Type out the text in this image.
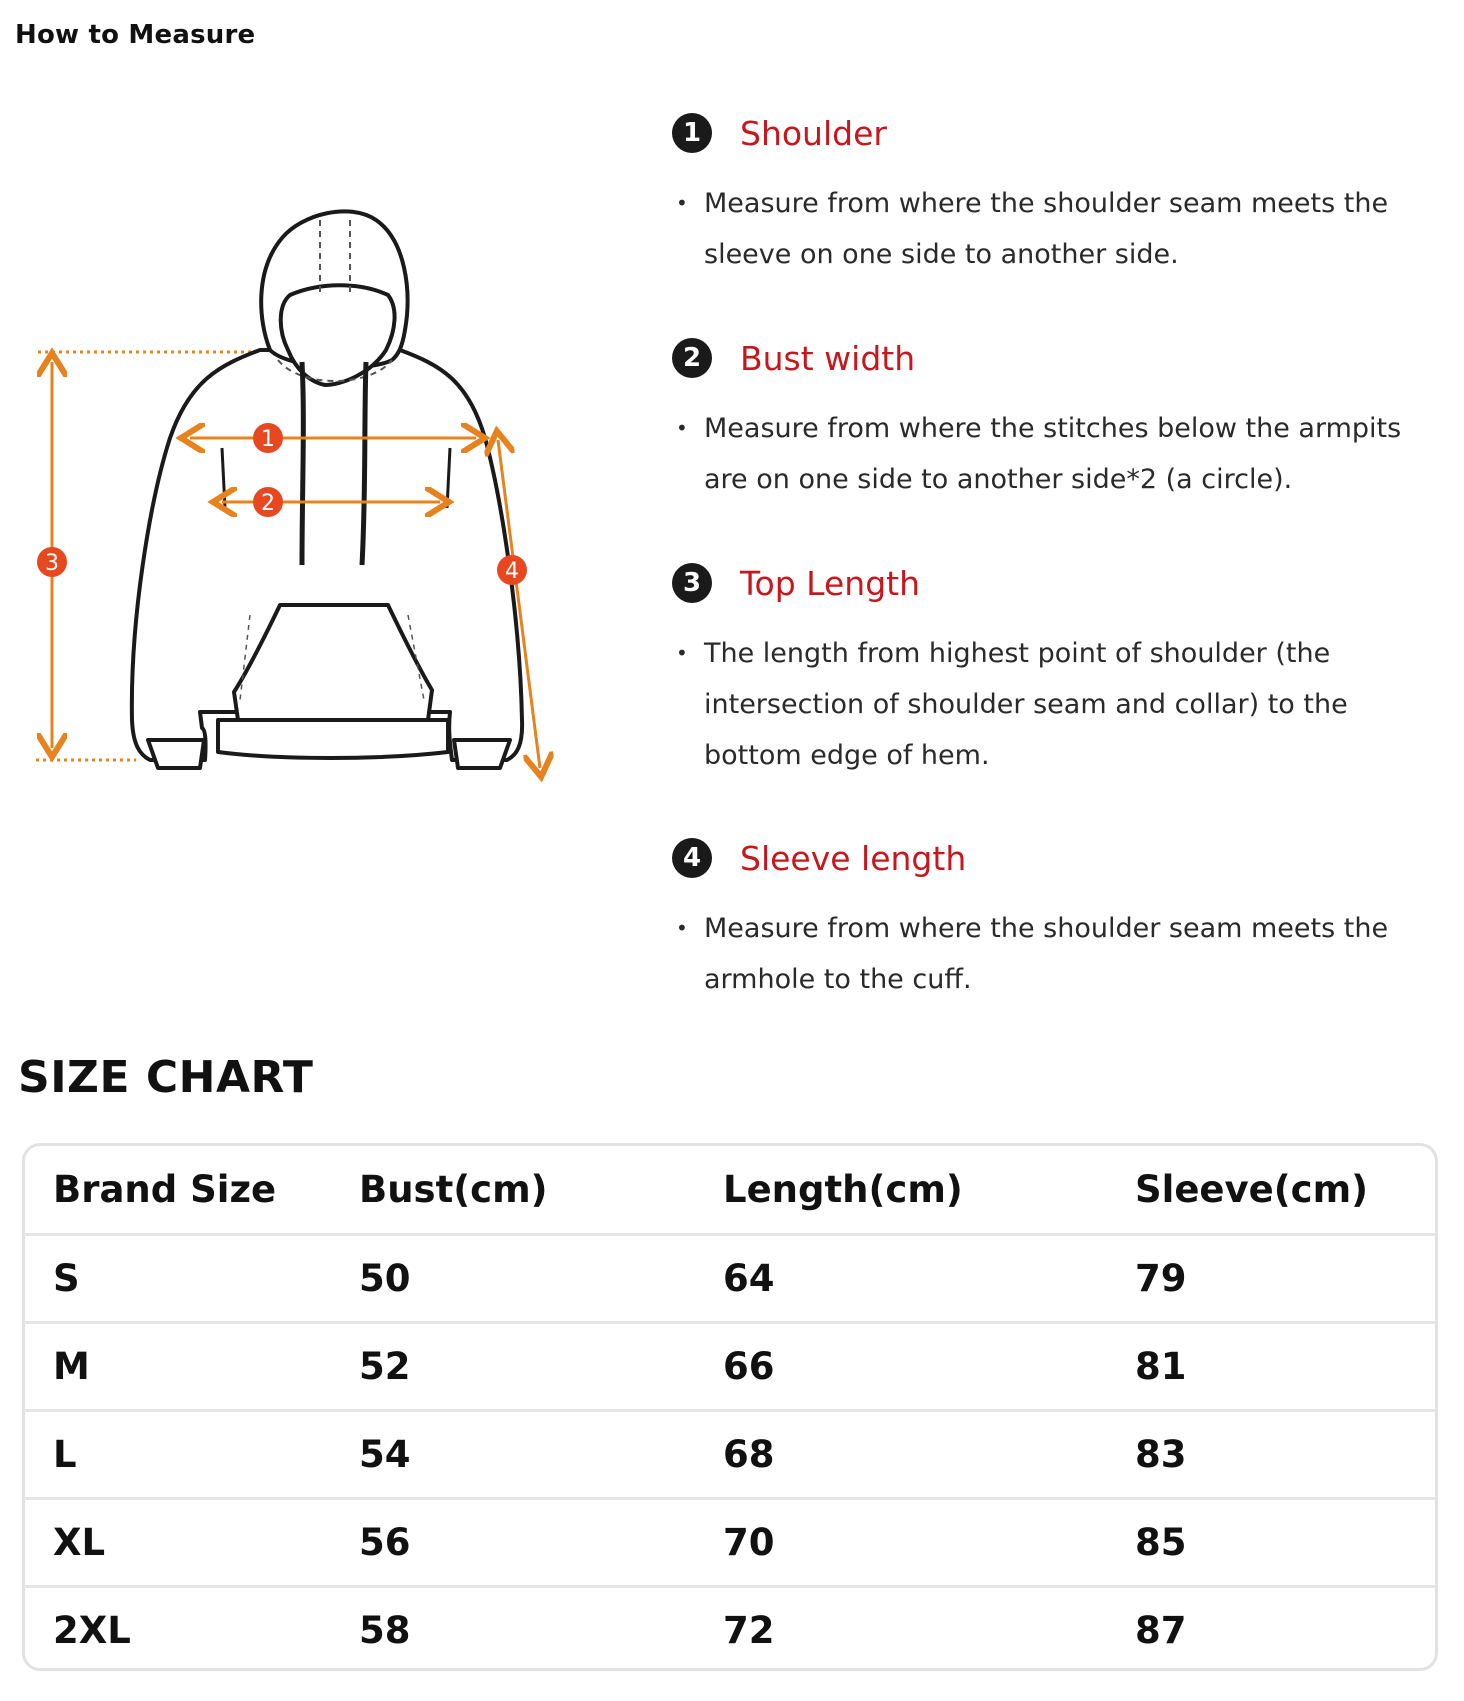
How to Measure
1
2
3	4
1	Shoulder
• Measure from where the shoulder seam meets the sleeve on one side to another side.
2	Bust width
• Measure from where the stitches below the armpits are on one side to another side*2 (a circle).
3	Top Length
• The length from highest point of shoulder (the intersection of shoulder seam and collar) to the bottom edge of hem.
4	Sleeve length
• Measure from where the shoulder seam meets the armhole to the cuff.
SIZE CHART
Brand Size	Bust(cm)	Length(cm)	Sleeve(cm)
S	50	64	79
M	52	66	81
L	54	68	83
XL	56	70	85
2XL	58	72	87
